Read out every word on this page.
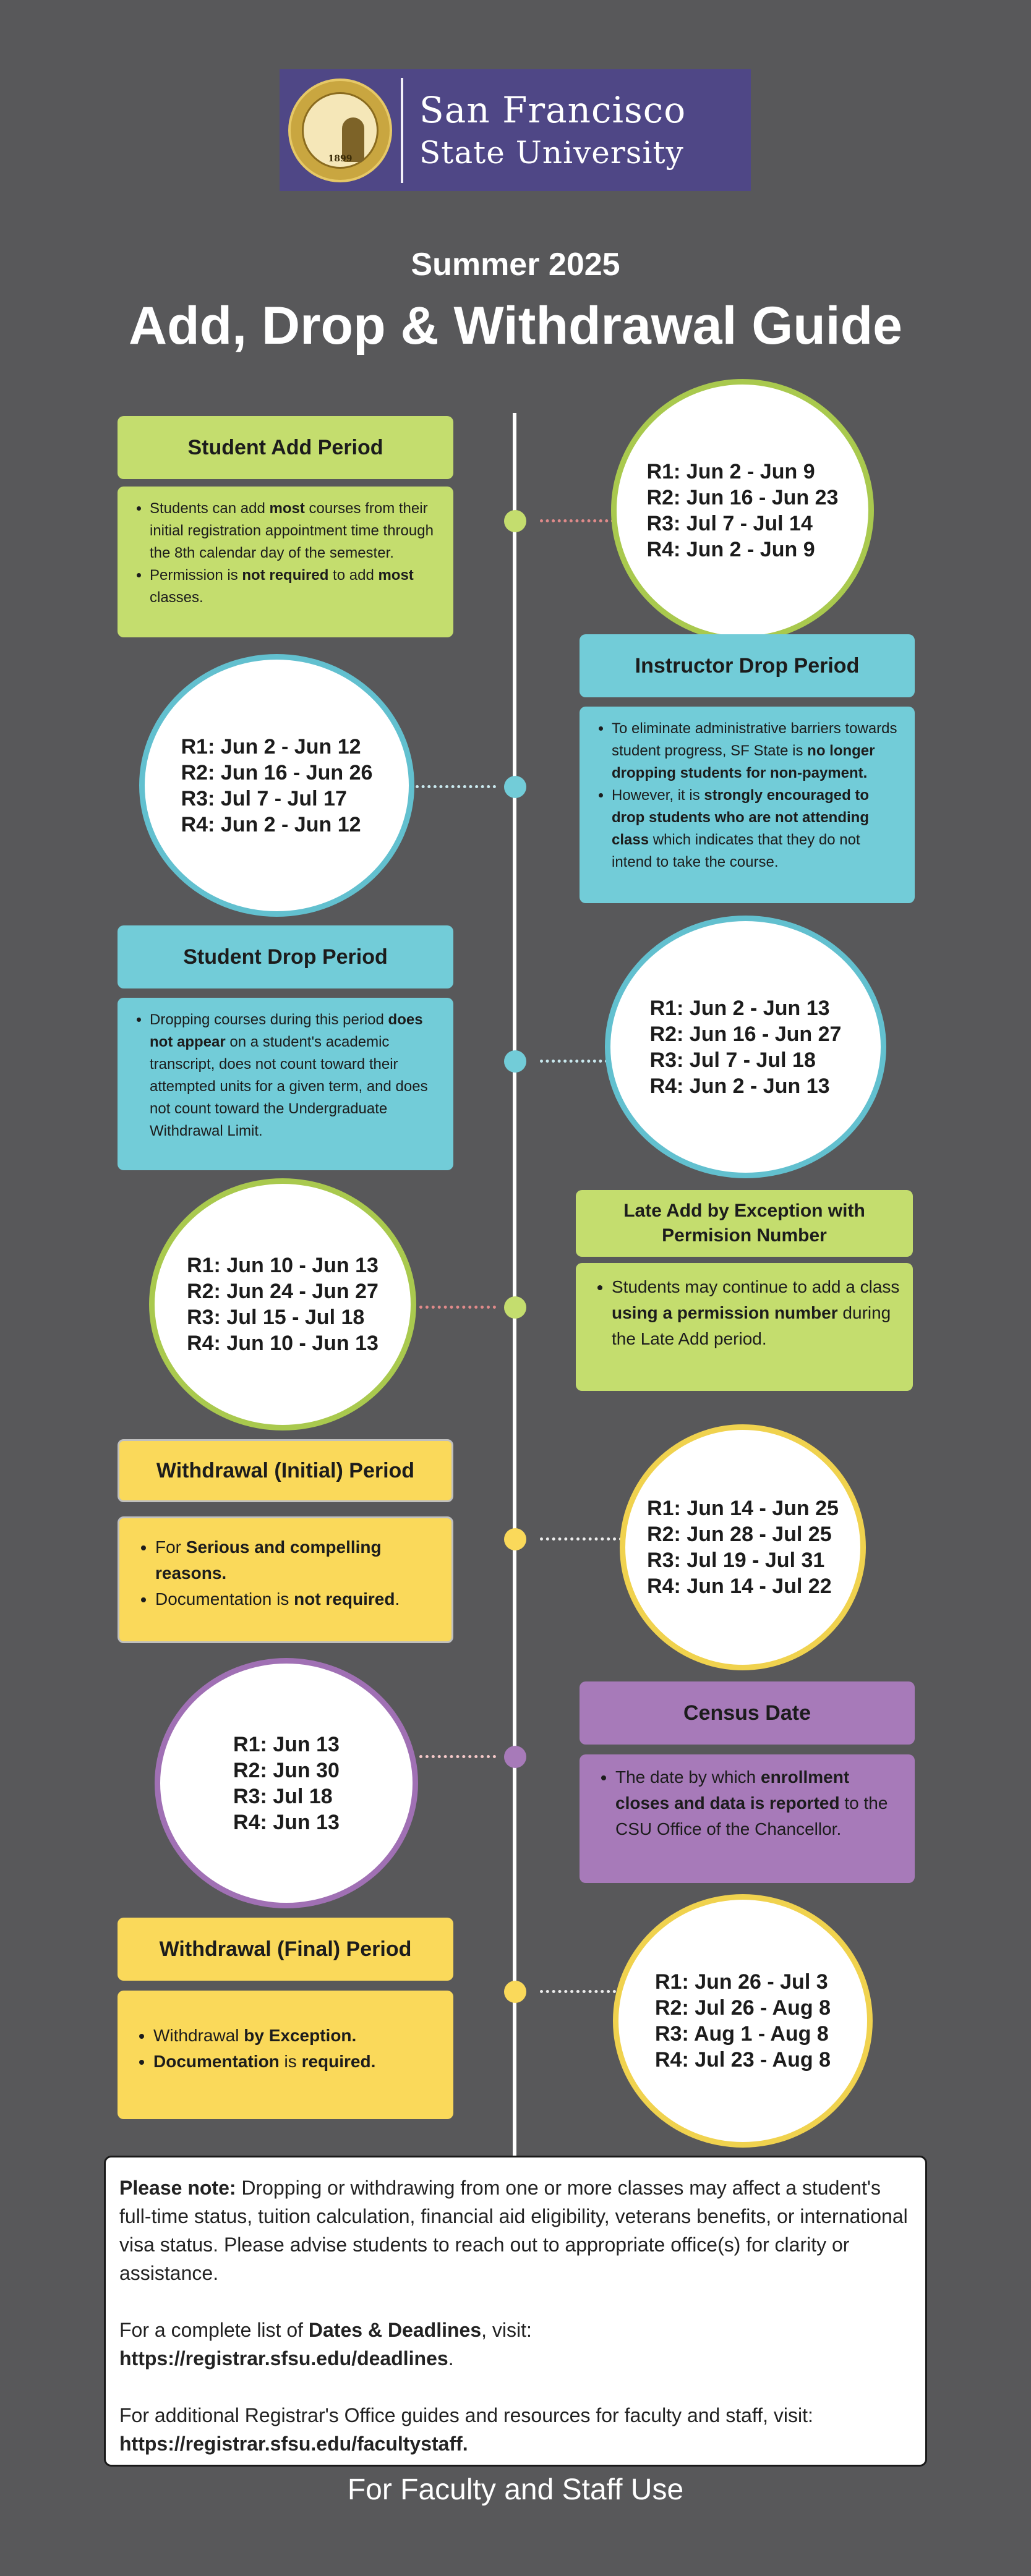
1899
San Francisco
State University
Summer 2025
Add, Drop & Withdrawal Guide
Student Add Period
• Students can add most courses from their initial registration appointment time through the 8th calendar day of the semester.
• Permission is not required to add most classes.
R1: Jun 2 - Jun 9
R2: Jun 16 - Jun 23
R3: Jul 7 - Jul 14
R4: Jun 2 - Jun 9
Instructor Drop Period
• To eliminate administrative barriers towards student progress, SF State is no longer dropping students for non-payment.
• However, it is strongly encouraged to drop students who are not attending class which indicates that they do not intend to take the course.
R1: Jun 2 - Jun 12
R2: Jun 16 - Jun 26
R3: Jul 7 - Jul 17
R4: Jun 2 - Jun 12
Student Drop Period
• Dropping courses during this period does not appear on a student's academic transcript, does not count toward their attempted units for a given term, and does not count toward the Undergraduate Withdrawal Limit.
R1: Jun 2 - Jun 13
R2: Jun 16 - Jun 27
R3: Jul 7 - Jul 18
R4: Jun 2 - Jun 13
Late Add by Exception with Permision Number
• Students may continue to add a class using a permission number during the Late Add period.
R1: Jun 10 - Jun 13
R2: Jun 24 - Jun 27
R3: Jul 15 - Jul 18
R4: Jun 10 - Jun 13
Withdrawal (Initial) Period
• For Serious and compelling reasons.
• Documentation is not required.
R1: Jun 14 - Jun 25
R2: Jun 28 - Jul 25
R3: Jul 19 - Jul 31
R4: Jun 14 - Jul 22
Census Date
• The date by which enrollment closes and data is reported to the CSU Office of the Chancellor.
R1: Jun 13
R2: Jun 30
R3: Jul 18
R4: Jun 13
Withdrawal (Final) Period
• Withdrawal by Exception.
• Documentation is required.
R1: Jun 26 - Jul 3
R2: Jul 26 - Aug 8
R3: Aug 1 - Aug 8
R4: Jul 23 - Aug 8

Please note: Dropping or withdrawing from one or more classes may affect a student's full-time status, tuition calculation, financial aid eligibility, veterans benefits, or international visa status. Please advise students to reach out to appropriate office(s) for clarity or assistance.

For a complete list of Dates & Deadlines, visit:
https://registrar.sfsu.edu/deadlines.

For additional Registrar's Office guides and resources for faculty and staff, visit:
https://registrar.sfsu.edu/facultystaff.

For Faculty and Staff Use
